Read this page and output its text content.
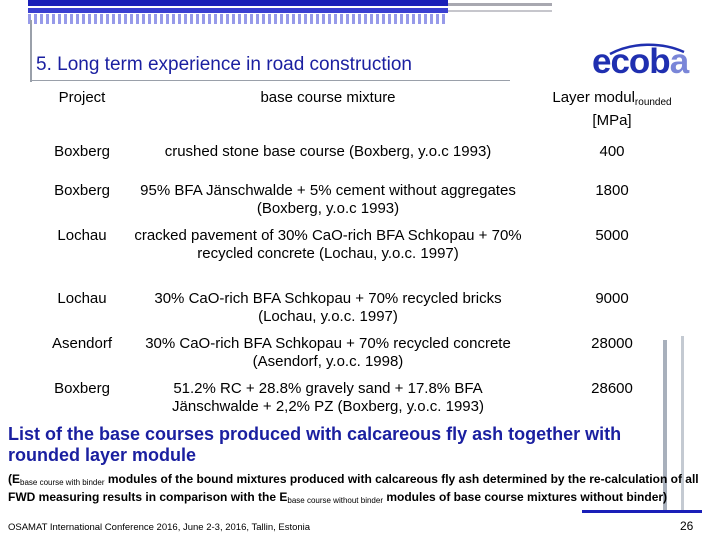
5. Long term experience in road construction	ecoba
Project	base course mixture	Layer modul$_{rounded}$
[MPa]
Boxberg	crushed stone base course (Boxberg, y.o.c 1993)	400
Boxberg	95% BFA Jänschwalde + 5% cement without aggregates (Boxberg, y.o.c 1993)	1800
Lochau	cracked pavement of 30% CaO-rich BFA Schkopau + 70% recycled concrete (Lochau, y.o.c. 1997)	5000
Lochau	30% CaO-rich BFA Schkopau + 70% recycled bricks (Lochau, y.o.c. 1997)	9000
Asendorf	30% CaO-rich BFA Schkopau + 70% recycled concrete (Asendorf, y.o.c. 1998)	28000
Boxberg	51.2% RC + 28.8% gravely sand + 17.8% BFA Jänschwalde + 2,2% PZ (Boxberg, y.o.c. 1993)	28600
List of the base courses produced with calcareous fly ash together with rounded layer module
($E_{base course with binder}$ modules of the bound mixtures produced with calcareous fly ash determined by the re-calculation of all FWD measuring results in comparison with the $E_{base course without binder}$ modules of base course mixtures without binder)
OSAMAT International Conference 2016, June 2-3, 2016, Tallin, Estonia	26
